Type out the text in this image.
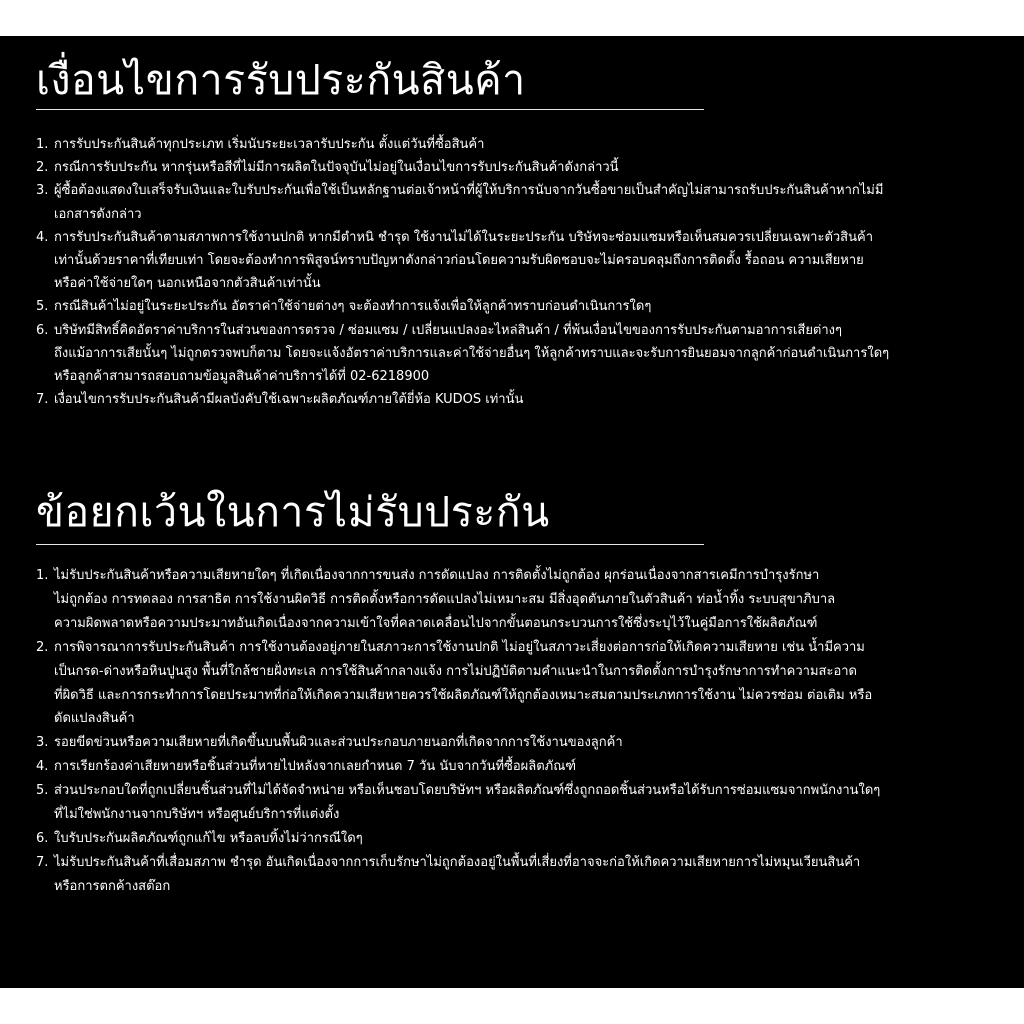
เงื่อนไขการรับประกันสินค้า
1. การรับประกันสินค้าทุกประเภท เริ่มนับระยะเวลารับประกัน ตั้งแต่วันที่ซื้อสินค้า
2. กรณีการรับประกัน หากรุ่นหรือสีที่ไม่มีการผลิตในปัจจุบันไม่อยู่ในเงื่อนไขการรับประกันสินค้าดังกล่าวนี้
3. ผู้ซื้อต้องแสดงใบเสร็จรับเงินและใบรับประกันเพื่อใช้เป็นหลักฐานต่อเจ้าหน้าที่ผู้ให้บริการนับจากวันซื้อขายเป็นสำคัญไม่สามารถรับประกันสินค้าหากไม่มี
เอกสารดังกล่าว
4. การรับประกันสินค้าตามสภาพการใช้งานปกติ หากมีตำหนิ ชำรุด ใช้งานไม่ได้ในระยะประกัน บริษัทจะซ่อมแซมหรือเห็นสมควรเปลี่ยนเฉพาะตัวสินค้า
เท่านั้นด้วยราคาที่เทียบเท่า โดยจะต้องทำการพิสูจน์ทราบปัญหาดังกล่าวก่อนโดยความรับผิดชอบจะไม่ครอบคลุมถึงการติดตั้ง รื้อถอน ความเสียหาย
หรือค่าใช้จ่ายใดๆ นอกเหนือจากตัวสินค้าเท่านั้น
5. กรณีสินค้าไม่อยู่ในระยะประกัน อัตราค่าใช้จ่ายต่างๆ จะต้องทำการแจ้งเพื่อให้ลูกค้าทราบก่อนดำเนินการใดๆ
6. บริษัทมีสิทธิ์คิดอัตราค่าบริการในส่วนของการตรวจ / ซ่อมแซม / เปลี่ยนแปลงอะไหล่สินค้า / ที่พ้นเงื่อนไขของการรับประกันตามอาการเสียต่างๆ
ถึงแม้อาการเสียนั้นๆ ไม่ถูกตรวจพบก็ตาม โดยจะแจ้งอัตราค่าบริการและค่าใช้จ่ายอื่นๆ ให้ลูกค้าทราบและจะรับการยินยอมจากลูกค้าก่อนดำเนินการใดๆ
หรือลูกค้าสามารถสอบถามข้อมูลสินค้าค่าบริการได้ที่ 02-6218900
7. เงื่อนไขการรับประกันสินค้ามีผลบังคับใช้เฉพาะผลิตภัณฑ์ภายใต้ยี่ห้อ KUDOS เท่านั้น
ข้อยกเว้นในการไม่รับประกัน
1. ไม่รับประกันสินค้าหรือความเสียหายใดๆ ที่เกิดเนื่องจากการขนส่ง การดัดแปลง การติดตั้งไม่ถูกต้อง ผุกร่อนเนื่องจากสารเคมีการบำรุงรักษา
ไม่ถูกต้อง การทดลอง การสาธิต การใช้งานผิดวิธี การติดตั้งหรือการดัดแปลงไม่เหมาะสม มีสิ่งอุดตันภายในตัวสินค้า ท่อน้ำทิ้ง ระบบสุขาภิบาล
ความผิดพลาดหรือความประมาทอันเกิดเนื่องจากความเข้าใจที่คลาดเคลื่อนไปจากขั้นตอนกระบวนการใช้ซึ่งระบุไว้ในคู่มือการใช้ผลิตภัณฑ์
2. การพิจารณาการรับประกันสินค้า การใช้งานต้องอยู่ภายในสภาวะการใช้งานปกติ ไม่อยู่ในสภาวะเสี่ยงต่อการก่อให้เกิดความเสียหาย เช่น น้ำมีความ
เป็นกรด-ด่างหรือหินปูนสูง พื้นที่ใกล้ชายฝั่งทะเล การใช้สินค้ากลางแจ้ง การไม่ปฏิบัติตามคำแนะนำในการติดตั้งการบำรุงรักษาการทำความสะอาด
ที่ผิดวิธี และการกระทำการโดยประมาทที่ก่อให้เกิดความเสียหายควรใช้ผลิตภัณฑ์ให้ถูกต้องเหมาะสมตามประเภทการใช้งาน ไม่ควรซ่อม ต่อเติม หรือ
ดัดแปลงสินค้า
3. รอยขีดข่วนหรือความเสียหายที่เกิดขึ้นบนพื้นผิวและส่วนประกอบภายนอกที่เกิดจากการใช้งานของลูกค้า
4. การเรียกร้องค่าเสียหายหรือชิ้นส่วนที่หายไปหลังจากเลยกำหนด 7 วัน นับจากวันที่ซื้อผลิตภัณฑ์
5. ส่วนประกอบใดที่ถูกเปลี่ยนชิ้นส่วนที่ไม่ได้จัดจำหน่าย หรือเห็นชอบโดยบริษัทฯ หรือผลิตภัณฑ์ซึ่งถูกถอดชิ้นส่วนหรือได้รับการซ่อมแซมจากพนักงานใดๆ
ที่ไม่ใช่พนักงานจากบริษัทฯ หรือศูนย์บริการที่แต่งตั้ง
6. ใบรับประกันผลิตภัณฑ์ถูกแก้ไข หรือลบทิ้งไม่ว่ากรณีใดๆ
7. ไม่รับประกันสินค้าที่เสื่อมสภาพ ชำรุด อันเกิดเนื่องจากการเก็บรักษาไม่ถูกต้องอยู่ในพื้นที่เสี่ยงที่อาจจะก่อให้เกิดความเสียหายการไม่หมุนเวียนสินค้า
หรือการตกค้างสต๊อก
